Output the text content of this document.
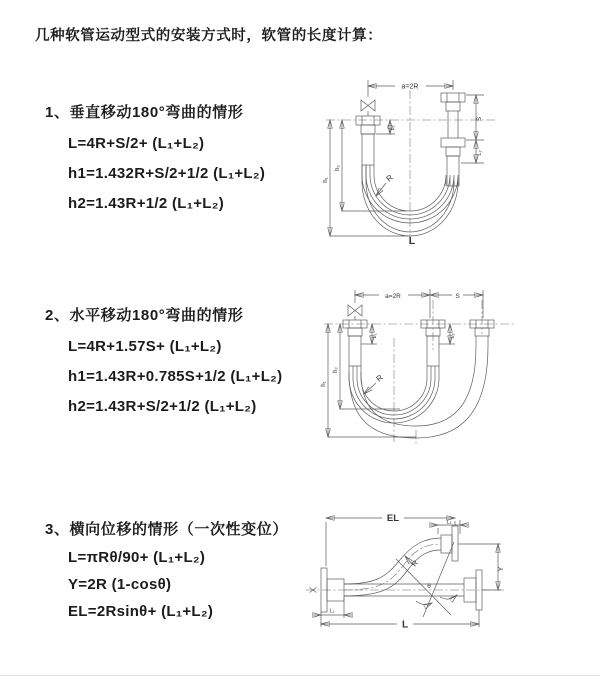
几种软管运动型式的安装方式时，软管的长度计算：
1、垂直移动180°弯曲的情形
L=4R+S/2+ (L₁+L₂)
h1=1.432R+S/2+1/2 (L₁+L₂)
h2=1.43R+1/2 (L₁+L₂)
2、水平移动180°弯曲的情形
L=4R+1.57S+ (L₁+L₂)
h1=1.43R+0.785S+1/2 (L₁+L₂)
h2=1.43R+S/2+1/2 (L₁+L₂)
3、横向位移的情形（一次性变位）
L=πRθ/90+ (L₁+L₂)
Y=2R (1-cosθ)
EL=2Rsinθ+ (L₁+L₂)
a=2R
L₁
S
L₂
h₁
h₂
R
L
a=2R	S
L₁	L₂
h₁
h₂
R
EL	L₁
θ
R
Y
L₁
L
